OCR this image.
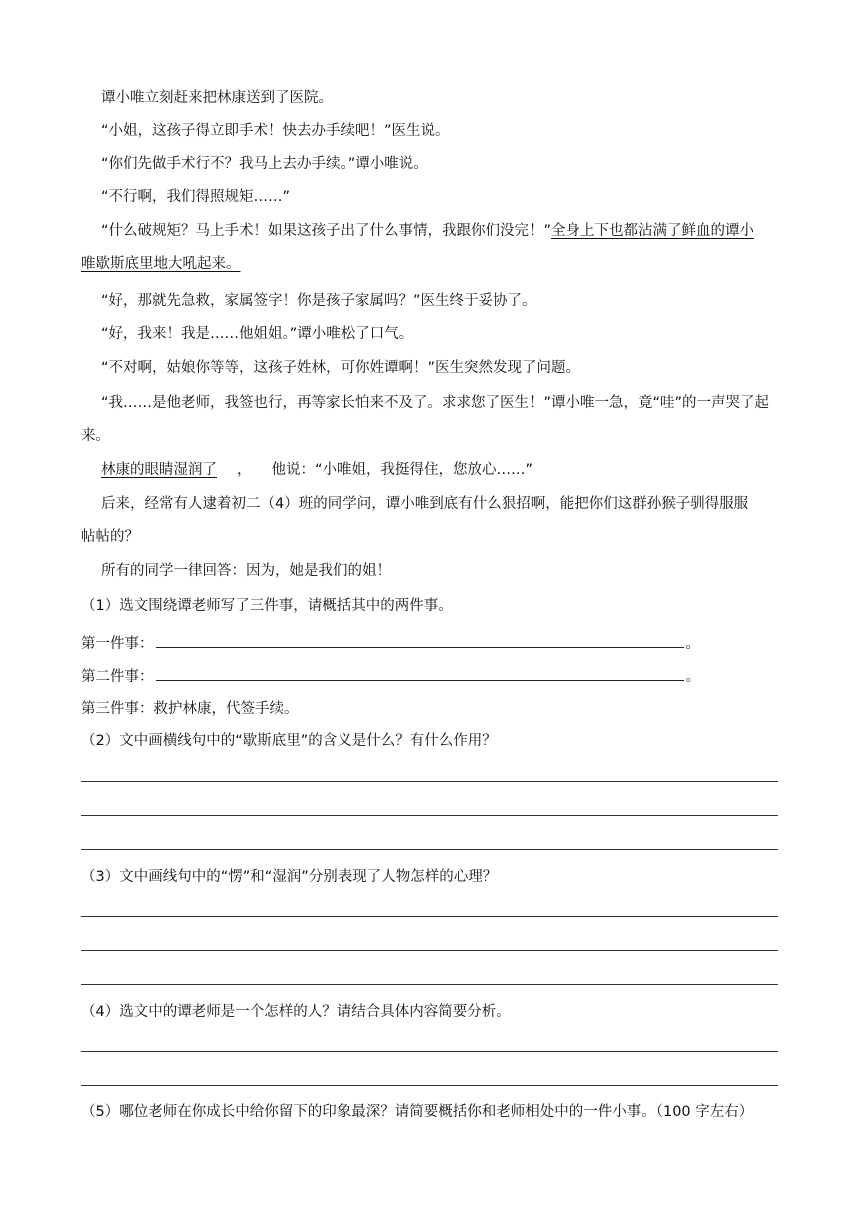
谭小唯立刻赶来把林康送到了医院。
“小姐，这孩子得立即手术！快去办手续吧！”医生说。
“你们先做手术行不？我马上去办手续。”谭小唯说。
“不行啊，我们得照规矩……”
“什么破规矩？马上手术！如果这孩子出了什么事情，我跟你们没完！”全身上下也都沾满了鲜血的谭小
唯歇斯底里地大吼起来。
“好，那就先急救，家属签字！你是孩子家属吗？”医生终于妥协了。
“好，我来！我是……他姐姐。”谭小唯松了口气。
“不对啊，姑娘你等等，这孩子姓林，可你姓谭啊！”医生突然发现了问题。
“我……是他老师，我签也行，再等家长怕来不及了。求求您了医生！”谭小唯一急，竟“哇”的一声哭了起
来。
林康的眼睛湿润了 ， 他说：“小唯姐，我挺得住，您放心……”
后来，经常有人逮着初二（4）班的同学问，谭小唯到底有什么狠招啊，能把你们这群孙猴子驯得服服
帖帖的？
所有的同学一律回答：因为，她是我们的姐！
（1）选文围绕谭老师写了三件事，请概括其中的两件事。
第一件事：	。
第二件事：	。
第三件事：救护林康，代签手续。
（2）文中画横线句中的“歇斯底里”的含义是什么？有什么作用？
（3）文中画线句中的“愣”和“湿润”分别表现了人物怎样的心理？
（4）选文中的谭老师是一个怎样的人？请结合具体内容简要分析。
（5）哪位老师在你成长中给你留下的印象最深？请简要概括你和老师相处中的一件小事。（100 字左右）
